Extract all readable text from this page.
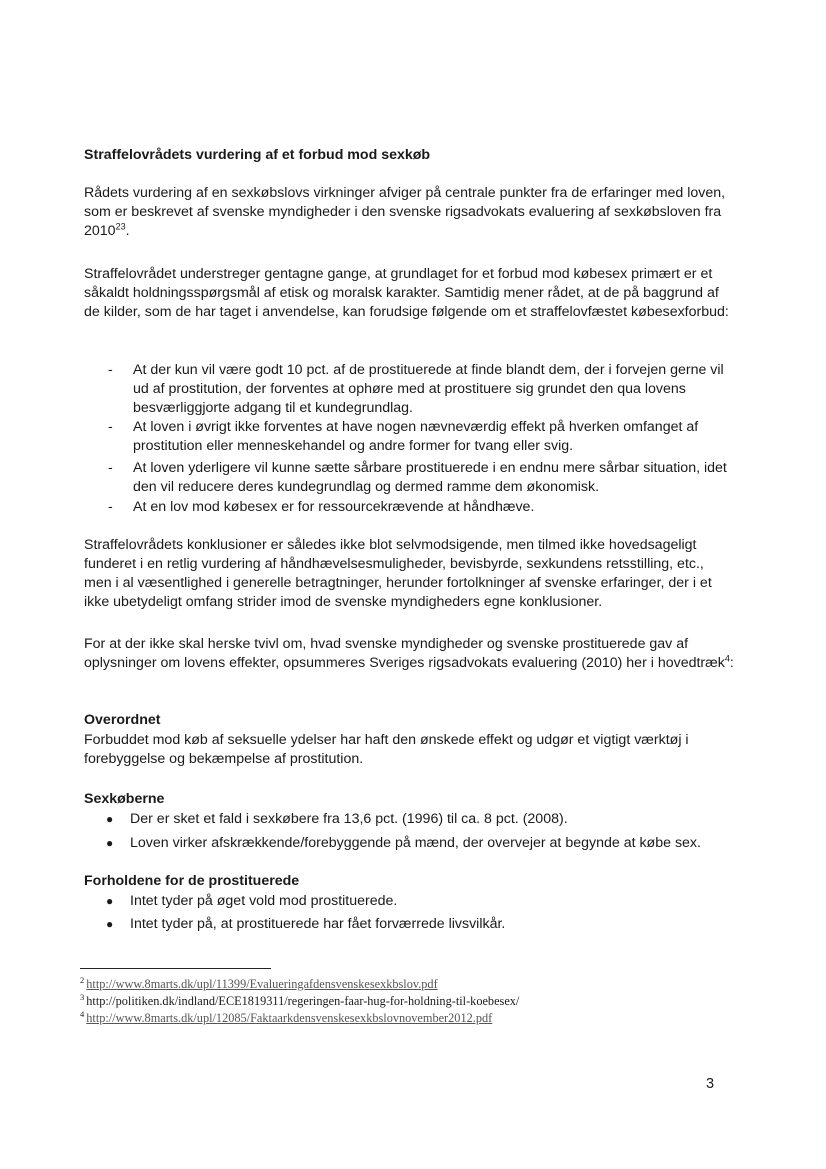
Straffelovrådets vurdering af et forbud mod sexkøb

Rådets vurdering af en sexkøbslovs virkninger afviger på centrale punkter fra de erfaringer med loven, som er beskrevet af svenske myndigheder i den svenske rigsadvokats evaluering af sexkøbsloven fra 2010$^{23}$.

Straffelovrådet understreger gentagne gange, at grundlaget for et forbud mod købesex primært er et såkaldt holdningsspørgsmål af etisk og moralsk karakter. Samtidig mener rådet, at de på baggrund af de kilder, som de har taget i anvendelse, kan forudsige følgende om et straffelovfæstet købesexforbud:

- At der kun vil være godt 10 pct. af de prostituerede at finde blandt dem, der i forvejen gerne vil ud af prostitution, der forventes at ophøre med at prostituere sig grundet den qua lovens besværliggjorte adgang til et kundegrundlag.
- At loven i øvrigt ikke forventes at have nogen nævneværdig effekt på hverken omfanget af prostitution eller menneskehandel og andre former for tvang eller svig.
- At loven yderligere vil kunne sætte sårbare prostituerede i en endnu mere sårbar situation, idet den vil reducere deres kundegrundlag og dermed ramme dem økonomisk.
- At en lov mod købesex er for ressourcekrævende at håndhæve.

Straffelovrådets konklusioner er således ikke blot selvmodsigende, men tilmed ikke hovedsageligt funderet i en retlig vurdering af håndhævelsesmuligheder, bevisbyrde, sexkundens retsstilling, etc., men i al væsentlighed i generelle betragtninger, herunder fortolkninger af svenske erfaringer, der i et ikke ubetydeligt omfang strider imod de svenske myndigheders egne konklusioner.

For at der ikke skal herske tvivl om, hvad svenske myndigheder og svenske prostituerede gav af oplysninger om lovens effekter, opsummeres Sveriges rigsadvokats evaluering (2010) her i hovedtræk$^4$:

Overordnet

Forbuddet mod køb af seksuelle ydelser har haft den ønskede effekt og udgør et vigtigt værktøj i forebyggelse og bekæmpelse af prostitution.

Sexkøberne
● Der er sket et fald i sexkøbere fra 13,6 pct. (1996) til ca. 8 pct. (2008).
● Loven virker afskrækkende/forebyggende på mænd, der overvejer at begynde at købe sex.
Forholdene for de prostituerede
● Intet tyder på øget vold mod prostituerede.
● Intet tyder på, at prostituerede har fået forværrede livsvilkår.
$^2$ http://www.8marts.dk/upl/11399/Evalueringafdensvenskesexkbslov.pdf
$^3$ http://politiken.dk/indland/ECE1819311/regeringen-faar-hug-for-holdning-til-koebesex/
$^4$ http://www.8marts.dk/upl/12085/Faktaarkdensvenskesexkbslovnovember2012.pdf
3
